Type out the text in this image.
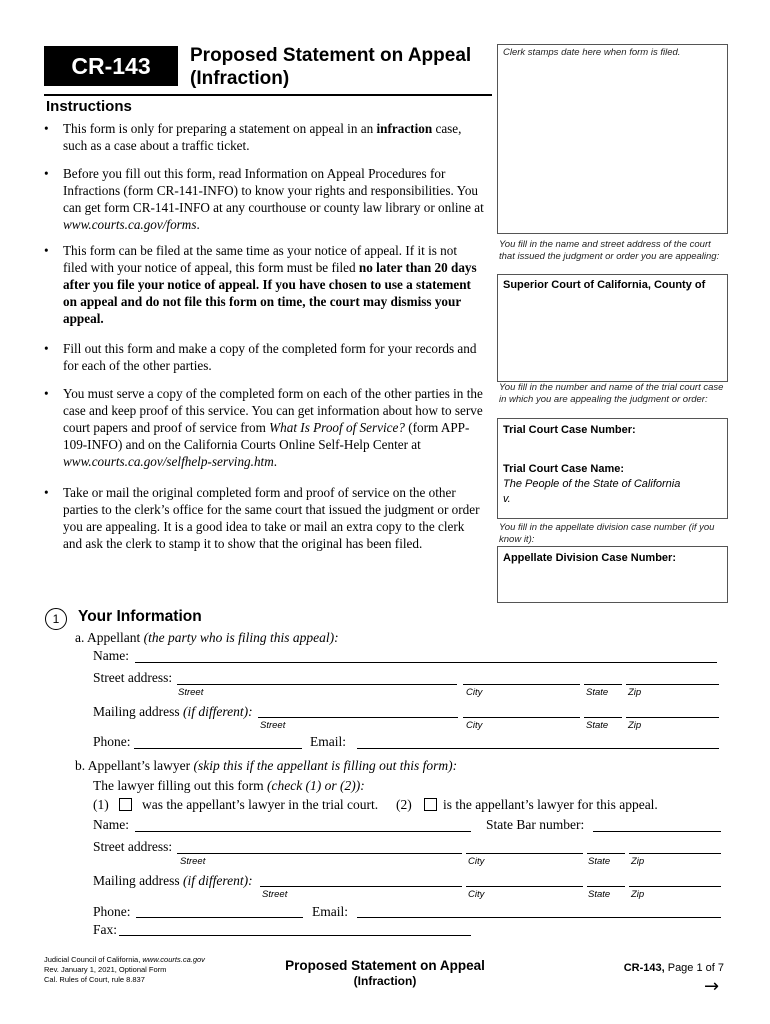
CR-143	Proposed Statement on Appeal
(Infraction)
Clerk stamps date here when form is filed.
Instructions
• This form is only for preparing a statement on appeal in an infraction case, such as a case about a traffic ticket.
• Before you fill out this form, read Information on Appeal Procedures for Infractions (form CR-141-INFO) to know your rights and responsibilities. You can get form CR-141-INFO at any courthouse or county law library or online at www.courts.ca.gov/forms.
• This form can be filed at the same time as your notice of appeal. If it is not filed with your notice of appeal, this form must be filed no later than 20 days after you file your notice of appeal. If you have chosen to use a statement on appeal and do not file this form on time, the court may dismiss your appeal.
• Fill out this form and make a copy of the completed form for your records and for each of the other parties.
• You must serve a copy of the completed form on each of the other parties in the case and keep proof of this service. You can get information about how to serve court papers and proof of service from What Is Proof of Service? (form APP-109-INFO) and on the California Courts Online Self-Help Center at www.courts.ca.gov/selfhelp-serving.htm.
• Take or mail the original completed form and proof of service on the other parties to the clerk’s office for the same court that issued the judgment or order you are appealing. It is a good idea to take or mail an extra copy to the clerk and ask the clerk to stamp it to show that the original has been filed.
You fill in the name and street address of the court that issued the judgment or order you are appealing:
Superior Court of California, County of
You fill in the number and name of the trial court case in which you are appealing the judgment or order:
Trial Court Case Number:
Trial Court Case Name:
The People of the State of California
v.
You fill in the appellate division case number (if you know it):
Appellate Division Case Number:
1	Your Information
a. Appellant (the party who is filing this appeal):
Name:
Street address:
Street	City	State Zip
Mailing address (if different):
Street	City	State Zip
Phone:	Email:
b. Appellant’s lawyer (skip this if the appellant is filling out this form):
The lawyer filling out this form (check (1) or (2)):
(1) was the appellant’s lawyer in the trial court. (2) is the appellant’s lawyer for this appeal.
Name:	State Bar number:
Street address:
Street	City	State Zip
Mailing address (if different):
Street	City	State Zip
Phone:	Email:
Fax:
Judicial Council of California, www.courts.ca.gov
Rev. January 1, 2021, Optional Form
Cal. Rules of Court, rule 8.837
Proposed Statement on Appeal
(Infraction)
CR-143, Page 1 of 7
→
